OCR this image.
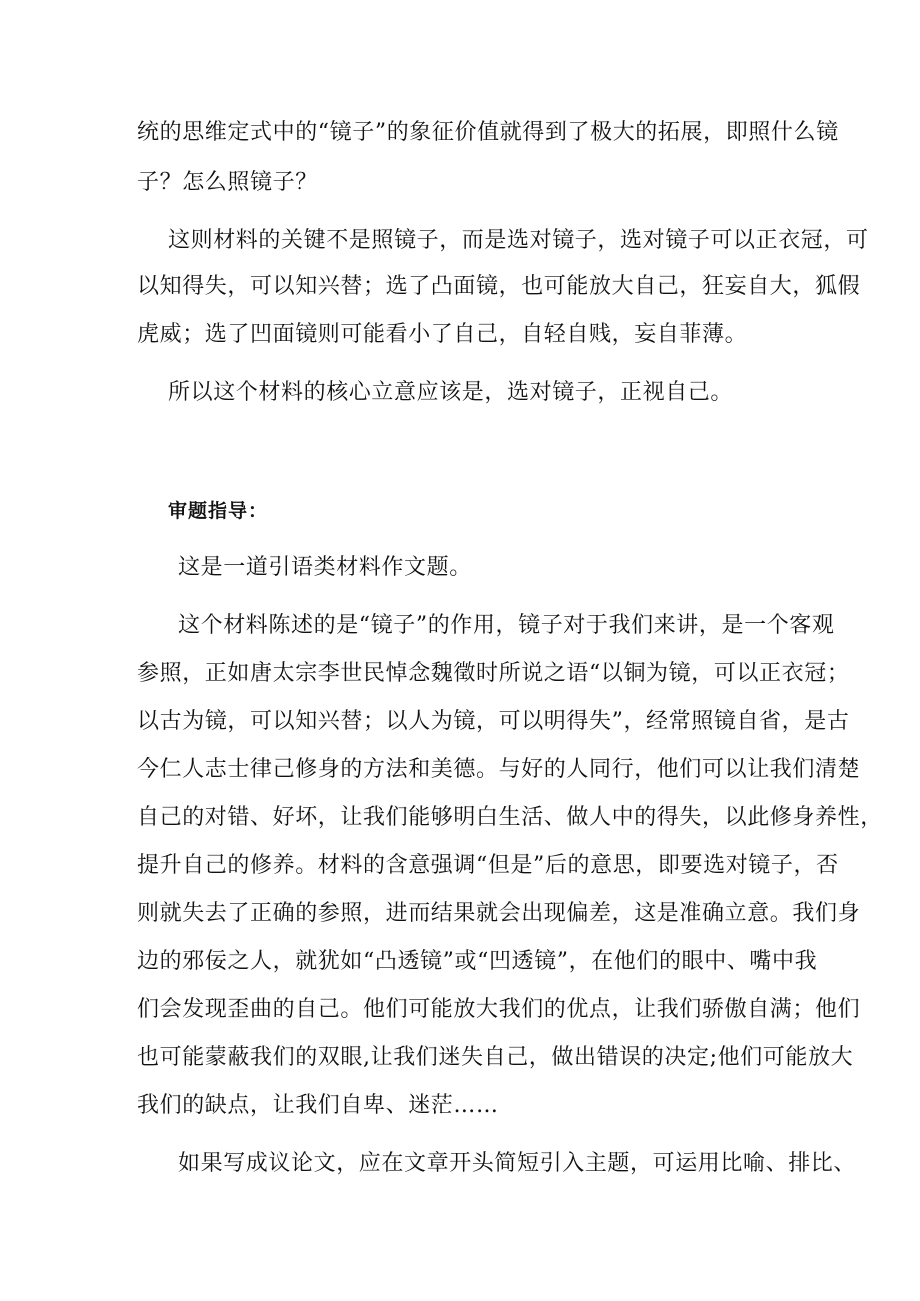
统的思维定式中的“镜子”的象征价值就得到了极大的拓展，即照什么镜
子？怎么照镜子？
这则材料的关键不是照镜子，而是选对镜子，选对镜子可以正衣冠，可
以知得失，可以知兴替；选了凸面镜，也可能放大自己，狂妄自大，狐假
虎威；选了凹面镜则可能看小了自己，自轻自贱，妄自菲薄。
所以这个材料的核心立意应该是，选对镜子，正视自己。
审题指导：
这是一道引语类材料作文题。
这个材料陈述的是“镜子”的作用，镜子对于我们来讲，是一个客观
参照，正如唐太宗李世民悼念魏徵时所说之语“以铜为镜，可以正衣冠；
以古为镜，可以知兴替；以人为镜，可以明得失”，经常照镜自省，是古
今仁人志士律己修身的方法和美德。与好的人同行，他们可以让我们清楚
自己的对错、好坏，让我们能够明白生活、做人中的得失，以此修身养性，
提升自己的修养。材料的含意强调“但是”后的意思，即要选对镜子，否
则就失去了正确的参照，进而结果就会出现偏差，这是准确立意。我们身
边的邪佞之人，就犹如“凸透镜”或“凹透镜”，在他们的眼中、嘴中我
们会发现歪曲的自己。他们可能放大我们的优点，让我们骄傲自满；他们
也可能蒙蔽我们的双眼,让我们迷失自己，做出错误的决定;他们可能放大
我们的缺点，让我们自卑、迷茫……
如果写成议论文，应在文章开头简短引入主题，可运用比喻、排比、
